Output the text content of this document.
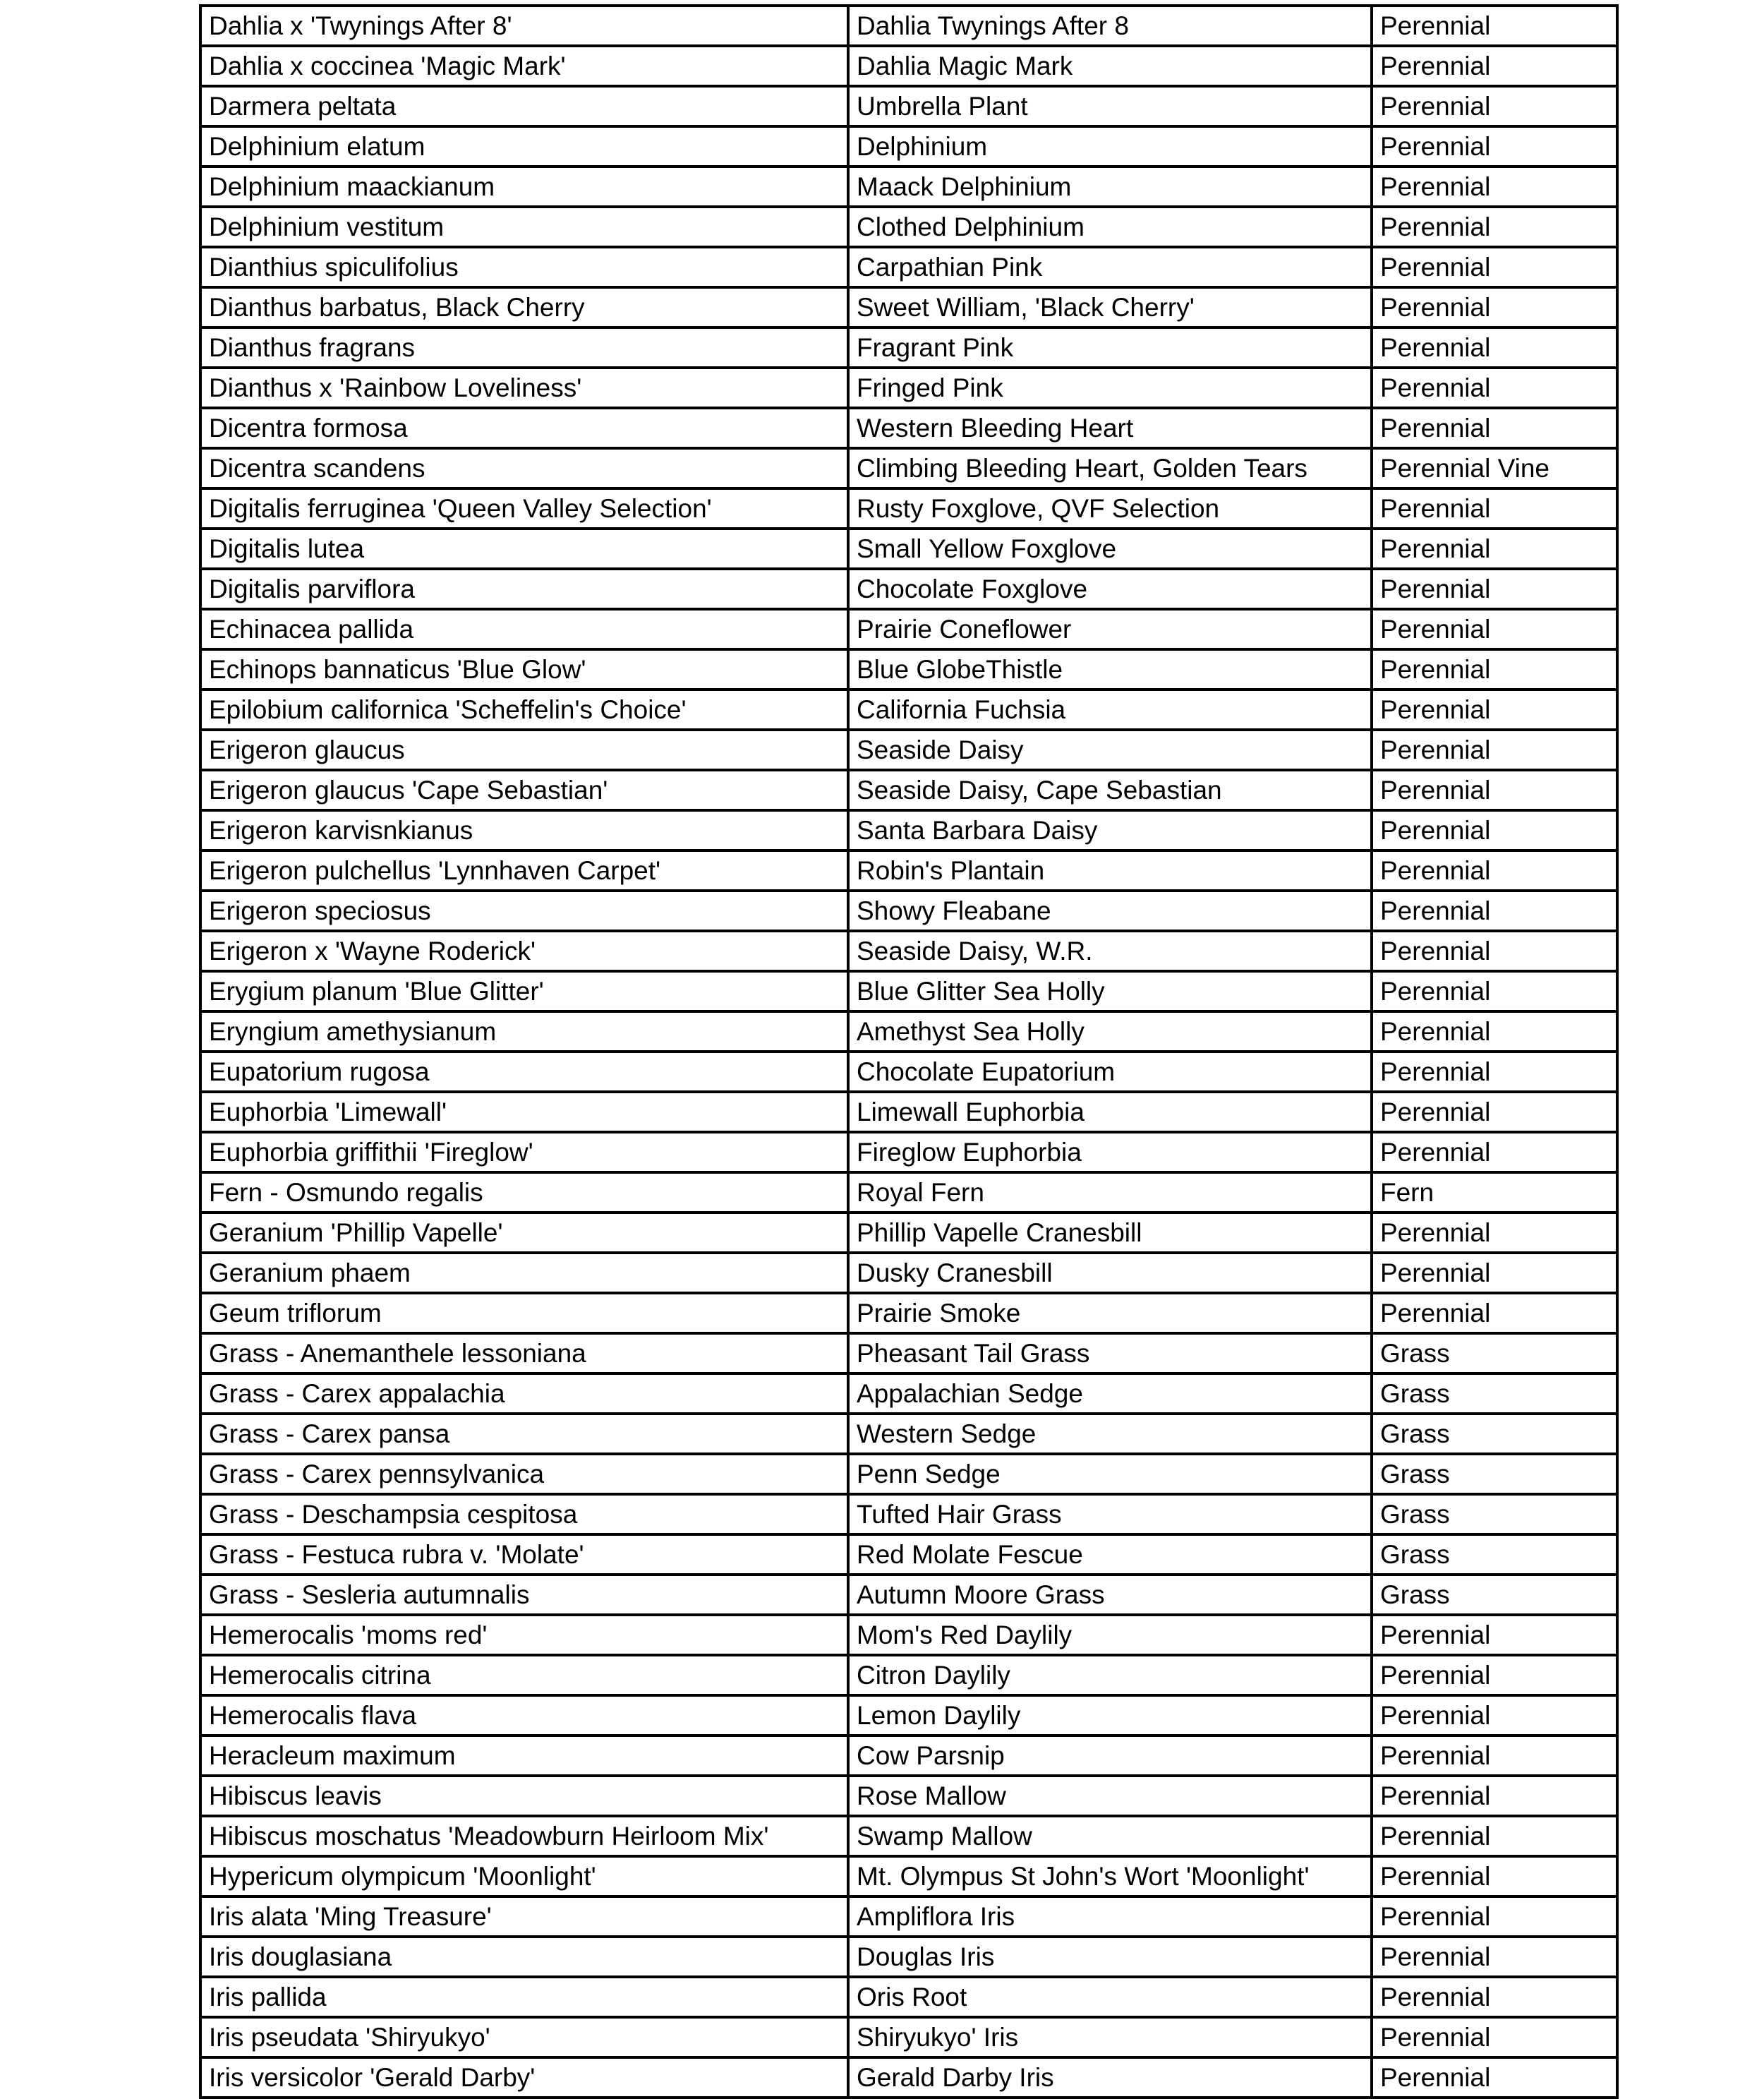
Dahlia x 'Twynings After 8'	Dahlia Twynings After 8	Perennial
Dahlia x coccinea 'Magic Mark'	Dahlia Magic Mark	Perennial
Darmera peltata	Umbrella Plant	Perennial
Delphinium elatum	Delphinium	Perennial
Delphinium maackianum	Maack Delphinium	Perennial
Delphinium vestitum	Clothed Delphinium	Perennial
Dianthius spiculifolius	Carpathian Pink	Perennial
Dianthus barbatus, Black Cherry	Sweet William, 'Black Cherry'	Perennial
Dianthus fragrans	Fragrant Pink	Perennial
Dianthus x 'Rainbow Loveliness'	Fringed Pink	Perennial
Dicentra formosa	Western Bleeding Heart	Perennial
Dicentra scandens	Climbing Bleeding Heart, Golden Tears	Perennial Vine
Digitalis ferruginea 'Queen Valley Selection'	Rusty Foxglove, QVF Selection	Perennial
Digitalis lutea	Small Yellow Foxglove	Perennial
Digitalis parviflora	Chocolate Foxglove	Perennial
Echinacea pallida	Prairie Coneflower	Perennial
Echinops bannaticus 'Blue Glow'	Blue GlobeThistle	Perennial
Epilobium californica 'Scheffelin's Choice'	California Fuchsia	Perennial
Erigeron glaucus	Seaside Daisy	Perennial
Erigeron glaucus 'Cape Sebastian'	Seaside Daisy, Cape Sebastian	Perennial
Erigeron karvisnkianus	Santa Barbara Daisy	Perennial
Erigeron pulchellus 'Lynnhaven Carpet'	Robin's Plantain	Perennial
Erigeron speciosus	Showy Fleabane	Perennial
Erigeron x 'Wayne Roderick'	Seaside Daisy, W.R.	Perennial
Erygium planum 'Blue Glitter'	Blue Glitter Sea Holly	Perennial
Eryngium amethysianum	Amethyst Sea Holly	Perennial
Eupatorium rugosa	Chocolate Eupatorium	Perennial
Euphorbia 'Limewall'	Limewall Euphorbia	Perennial
Euphorbia griffithii 'Fireglow'	Fireglow Euphorbia	Perennial
Fern - Osmundo regalis	Royal Fern	Fern
Geranium 'Phillip Vapelle'	Phillip Vapelle Cranesbill	Perennial
Geranium phaem	Dusky Cranesbill	Perennial
Geum triflorum	Prairie Smoke	Perennial
Grass - Anemanthele lessoniana	Pheasant Tail Grass	Grass
Grass - Carex appalachia	Appalachian Sedge	Grass
Grass - Carex pansa	Western Sedge	Grass
Grass - Carex pennsylvanica	Penn Sedge	Grass
Grass - Deschampsia cespitosa	Tufted Hair Grass	Grass
Grass - Festuca rubra v. 'Molate'	Red Molate Fescue	Grass
Grass - Sesleria autumnalis	Autumn Moore Grass	Grass
Hemerocalis 'moms red'	Mom's Red Daylily	Perennial
Hemerocalis citrina	Citron Daylily	Perennial
Hemerocalis flava	Lemon Daylily	Perennial
Heracleum maximum	Cow Parsnip	Perennial
Hibiscus leavis	Rose Mallow	Perennial
Hibiscus moschatus 'Meadowburn Heirloom Mix'	Swamp Mallow	Perennial
Hypericum olympicum 'Moonlight'	Mt. Olympus St John's Wort 'Moonlight'	Perennial
Iris alata 'Ming Treasure'	Ampliflora Iris	Perennial
Iris douglasiana	Douglas Iris	Perennial
Iris pallida	Oris Root	Perennial
Iris pseudata 'Shiryukyo'	Shiryukyo' Iris	Perennial
Iris versicolor 'Gerald Darby'	Gerald Darby Iris	Perennial
